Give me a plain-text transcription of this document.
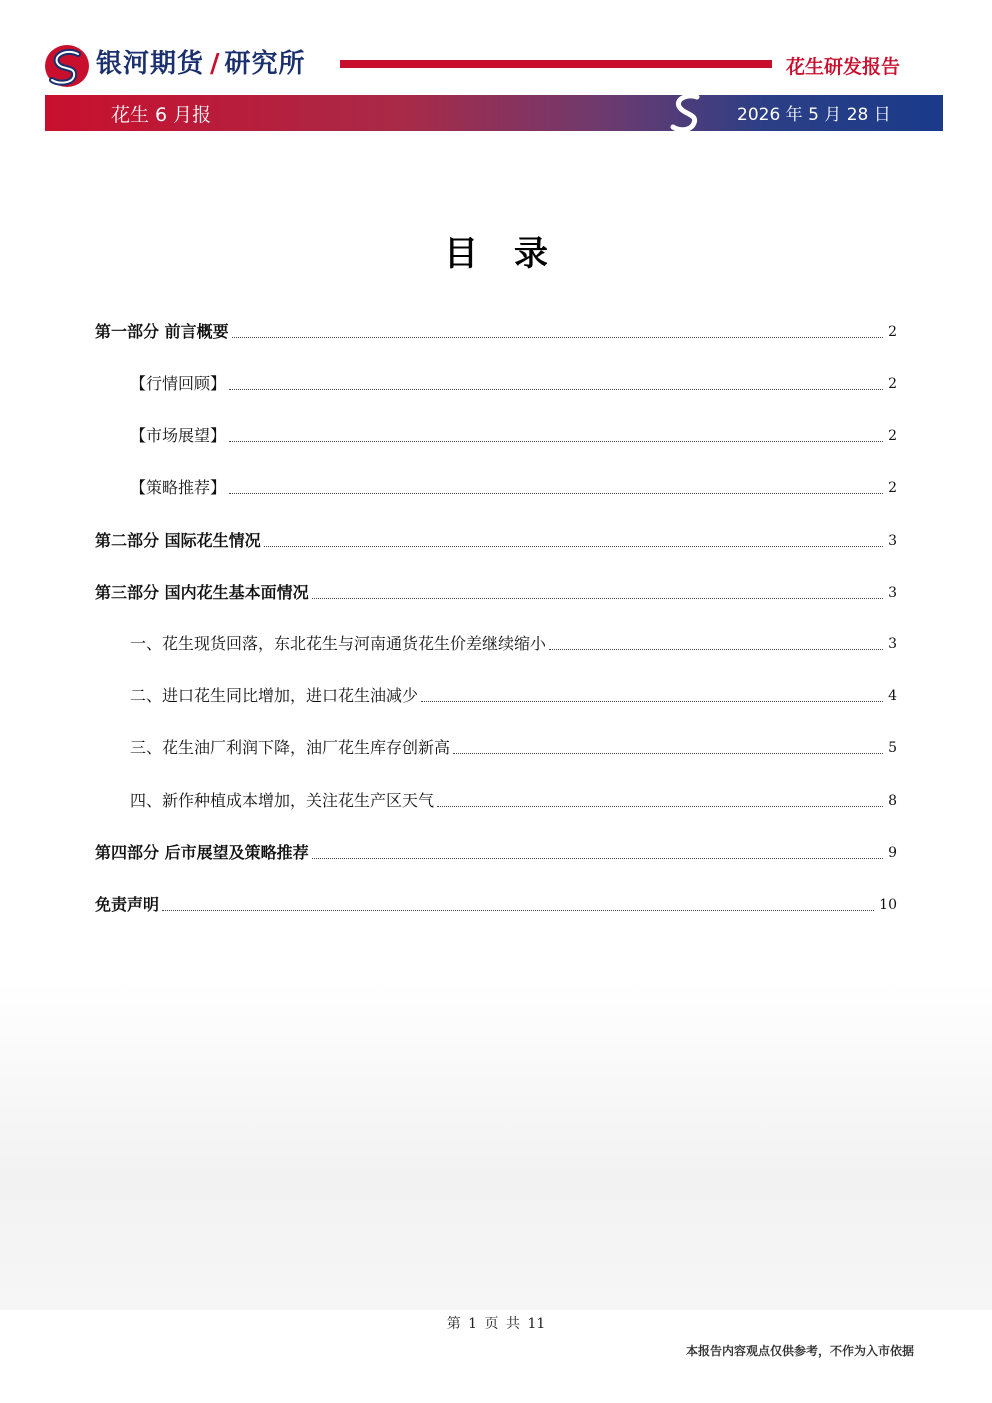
银河期货 / 研究所	花生研发报告
花生 6 月报	2026 年 5 月 28 日
目录
第一部分 前言概要	2
【行情回顾】	2
【市场展望】	2
【策略推荐】	2
第二部分 国际花生情况	3
第三部分 国内花生基本面情况	3
一、花生现货回落，东北花生与河南通货花生价差继续缩小	3
二、进口花生同比增加，进口花生油减少	4
三、花生油厂利润下降，油厂花生库存创新高	5
四、新作种植成本增加，关注花生产区天气	8
第四部分 后市展望及策略推荐	9
免责声明	10
第 1 页 共 11
本报告内容观点仅供参考，不作为入市依据
